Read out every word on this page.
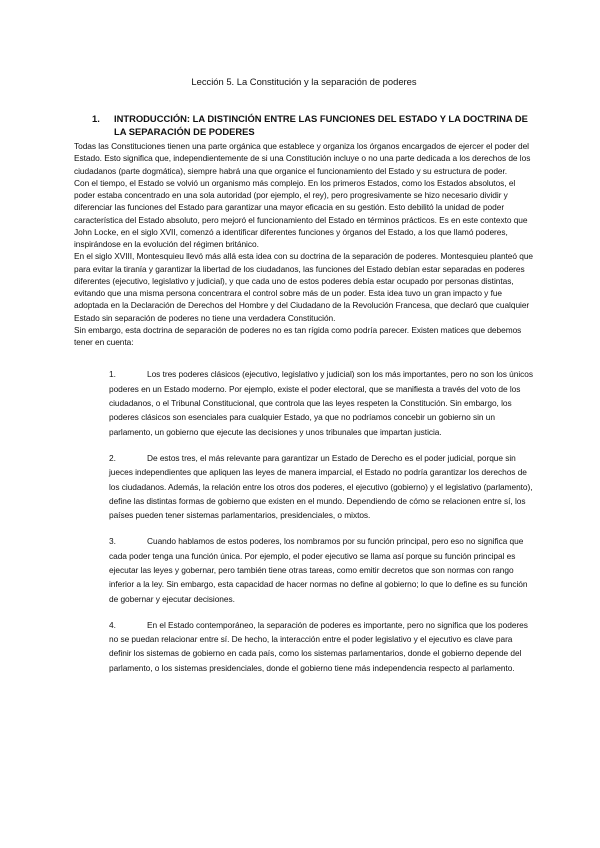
Lección 5. La Constitución y la separación de poderes
1.	INTRODUCCIÓN: LA DISTINCIÓN ENTRE LAS FUNCIONES DEL ESTADO Y LA DOCTRINA DE LA SEPARACIÓN DE PODERES

Todas las Constituciones tienen una parte orgánica que establece y organiza los órganos encargados de ejercer el poder del Estado. Esto significa que, independientemente de si una Constitución incluye o no una parte dedicada a los derechos de los ciudadanos (parte dogmática), siempre habrá una que organice el funcionamiento del Estado y su estructura de poder.

Con el tiempo, el Estado se volvió un organismo más complejo. En los primeros Estados, como los Estados absolutos, el poder estaba concentrado en una sola autoridad (por ejemplo, el rey), pero progresivamente se hizo necesario dividir y diferenciar las funciones del Estado para garantizar una mayor eficacia en su gestión. Esto debilitó la unidad de poder característica del Estado absoluto, pero mejoró el funcionamiento del Estado en términos prácticos. Es en este contexto que John Locke, en el siglo XVII, comenzó a identificar diferentes funciones y órganos del Estado, a los que llamó poderes, inspirándose en la evolución del régimen británico.

En el siglo XVIII, Montesquieu llevó más allá esta idea con su doctrina de la separación de poderes. Montesquieu planteó que para evitar la tiranía y garantizar la libertad de los ciudadanos, las funciones del Estado debían estar separadas en poderes diferentes (ejecutivo, legislativo y judicial), y que cada uno de estos poderes debía estar ocupado por personas distintas, evitando que una misma persona concentrara el control sobre más de un poder. Esta idea tuvo un gran impacto y fue adoptada en la Declaración de Derechos del Hombre y del Ciudadano de la Revolución Francesa, que declaró que cualquier Estado sin separación de poderes no tiene una verdadera Constitución.

Sin embargo, esta doctrina de separación de poderes no es tan rígida como podría parecer. Existen matices que debemos tener en cuenta:

1.	Los tres poderes clásicos (ejecutivo, legislativo y judicial) son los más importantes, pero no son los únicos poderes en un Estado moderno. Por ejemplo, existe el poder electoral, que se manifiesta a través del voto de los ciudadanos, o el Tribunal Constitucional, que controla que las leyes respeten la Constitución. Sin embargo, los poderes clásicos son esenciales para cualquier Estado, ya que no podríamos concebir un gobierno sin un parlamento, un gobierno que ejecute las decisiones y unos tribunales que impartan justicia.
2.	De estos tres, el más relevante para garantizar un Estado de Derecho es el poder judicial, porque sin jueces independientes que apliquen las leyes de manera imparcial, el Estado no podría garantizar los derechos de los ciudadanos. Además, la relación entre los otros dos poderes, el ejecutivo (gobierno) y el legislativo (parlamento), define las distintas formas de gobierno que existen en el mundo. Dependiendo de cómo se relacionen entre sí, los países pueden tener sistemas parlamentarios, presidenciales, o mixtos.
3.	Cuando hablamos de estos poderes, los nombramos por su función principal, pero eso no significa que cada poder tenga una función única. Por ejemplo, el poder ejecutivo se llama así porque su función principal es ejecutar las leyes y gobernar, pero también tiene otras tareas, como emitir decretos que son normas con rango inferior a la ley. Sin embargo, esta capacidad de hacer normas no define al gobierno; lo que lo define es su función de gobernar y ejecutar decisiones.
4.	En el Estado contemporáneo, la separación de poderes es importante, pero no significa que los poderes no se puedan relacionar entre sí. De hecho, la interacción entre el poder legislativo y el ejecutivo es clave para definir los sistemas de gobierno en cada país, como los sistemas parlamentarios, donde el gobierno depende del parlamento, o los sistemas presidenciales, donde el gobierno tiene más independencia respecto al parlamento.
